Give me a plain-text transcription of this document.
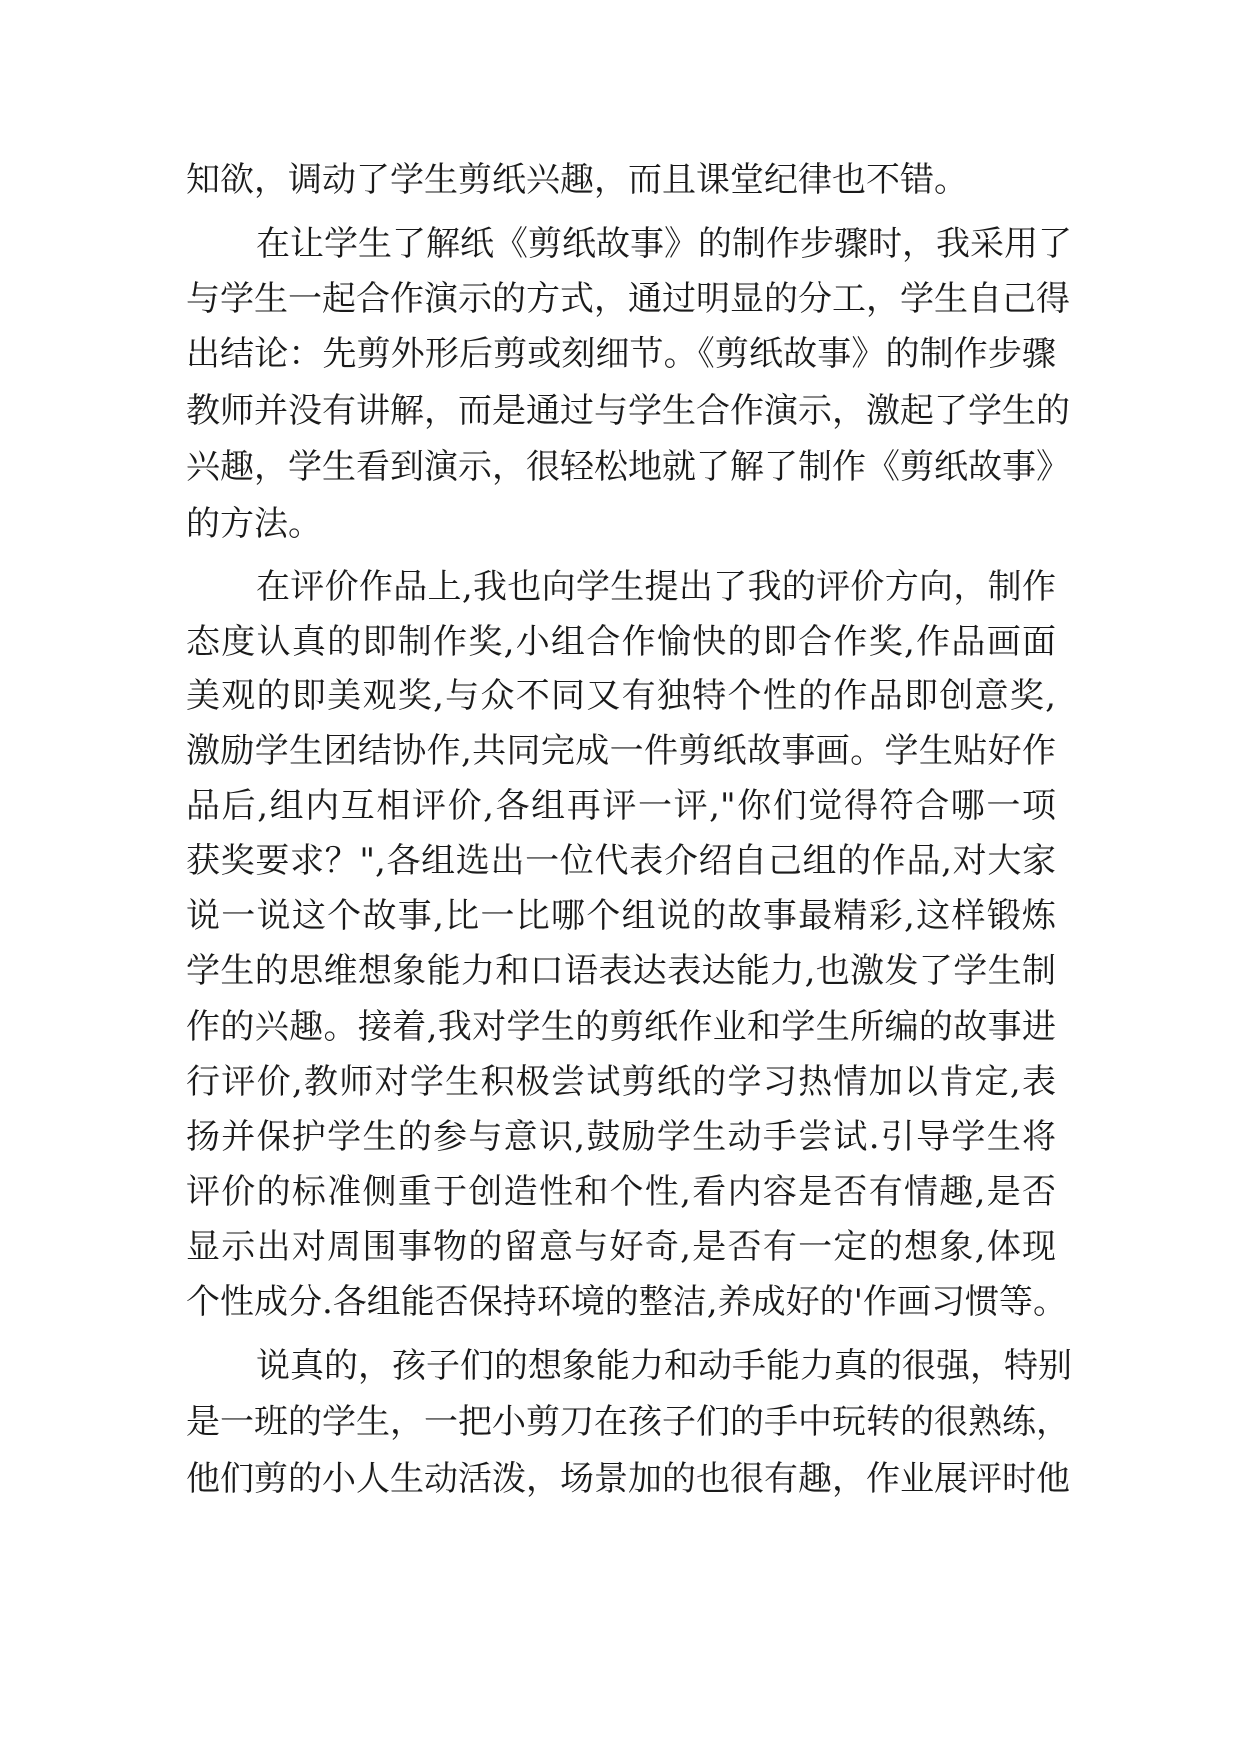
知欲，调动了学生剪纸兴趣，而且课堂纪律也不错。
在让学生了解纸《剪纸故事》的制作步骤时，我采用了
与学生一起合作演示的方式，通过明显的分工，学生自己得
出结论：先剪外形后剪或刻细节。《剪纸故事》的制作步骤
教师并没有讲解，而是通过与学生合作演示，激起了学生的
兴趣，学生看到演示，很轻松地就了解了制作《剪纸故事》
的方法。
在评价作品上,我也向学生提出了我的评价方向，制作
态度认真的即制作奖,小组合作愉快的即合作奖,作品画面
美观的即美观奖,与众不同又有独特个性的作品即创意奖,
激励学生团结协作,共同完成一件剪纸故事画。学生贴好作
品后,组内互相评价,各组再评一评,"你们觉得符合哪一项
获奖要求？",各组选出一位代表介绍自己组的作品,对大家
说一说这个故事,比一比哪个组说的故事最精彩,这样锻炼
学生的思维想象能力和口语表达表达能力,也激发了学生制
作的兴趣。接着,我对学生的剪纸作业和学生所编的故事进
行评价,教师对学生积极尝试剪纸的学习热情加以肯定,表
扬并保护学生的参与意识,鼓励学生动手尝试.引导学生将
评价的标准侧重于创造性和个性,看内容是否有情趣,是否
显示出对周围事物的留意与好奇,是否有一定的想象,体现
个性成分.各组能否保持环境的整洁,养成好的'作画习惯等。
说真的，孩子们的想象能力和动手能力真的很强，特别
是一班的学生，一把小剪刀在孩子们的手中玩转的很熟练，
他们剪的小人生动活泼，场景加的也很有趣，作业展评时他
